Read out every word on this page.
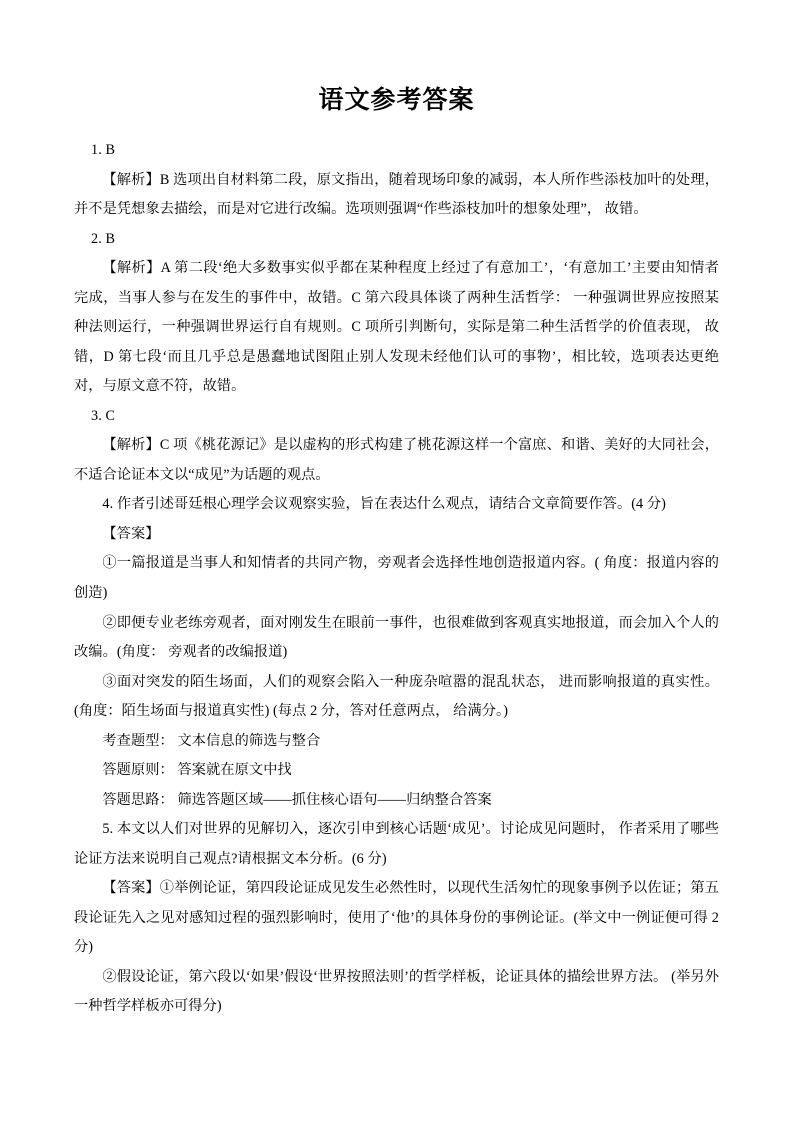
语文参考答案

1. B

【解析】B 选项出自材料第二段，原文指出，随着现场印象的减弱，本人所作些添枝加叶的处理，并不是凭想象去描绘，而是对它进行改编。选项则强调“作些添枝加叶的想象处理”， 故错。

2. B

【解析】A 第二段‘绝大多数事实似乎都在某种程度上经过了有意加工’，‘有意加工’主要由知情者完成，当事人参与在发生的事件中，故错。C 第六段具体谈了两种生活哲学： 一种强调世界应按照某种法则运行，一种强调世界运行自有规则。C 项所引判断句，实际是第二种生活哲学的价值表现， 故错，D 第七段‘而且几乎总是愚蠢地试图阻止别人发现未经他们认可的事物’，相比较，选项表达更绝对，与原文意不符，故错。

3. C

【解析】C 项《桃花源记》是以虚构的形式构建了桃花源这样一个富庶、和谐、美好的大同社会，不适合论证本文以“成见”为话题的观点。

4. 作者引述哥廷根心理学会议观察实验，旨在表达什么观点，请结合文章简要作答。(4 分)

【答案】

①一篇报道是当事人和知情者的共同产物，旁观者会选择性地创造报道内容。( 角度：报道内容的创造)

②即便专业老练旁观者，面对刚发生在眼前一事件，也很难做到客观真实地报道，而会加入个人的改编。(角度： 旁观者的改编报道)

③面对突发的陌生场面，人们的观察会陷入一种庞杂喧嚣的混乱状态， 进而影响报道的真实性。(角度：陌生场面与报道真实性) (每点 2 分，答对任意两点， 给满分。)

考查题型： 文本信息的筛选与整合

答题原则： 答案就在原文中找

答题思路： 筛选答题区域——抓住核心语句——归纳整合答案

5. 本文以人们对世界的见解切入，逐次引申到核心话题‘成见’。讨论成见问题时， 作者采用了哪些论证方法来说明自己观点?请根据文本分析。(6 分)

【答案】①举例论证，第四段论证成见发生必然性时，以现代生活匆忙的现象事例予以佐证；第五段论证先入之见对感知过程的强烈影响时，使用了‘他’的具体身份的事例论证。(举文中一例证便可得 2 分)

②假设论证，第六段以‘如果’假设‘世界按照法则’的哲学样板，论证具体的描绘世界方法。 (举另外一种哲学样板亦可得分)
